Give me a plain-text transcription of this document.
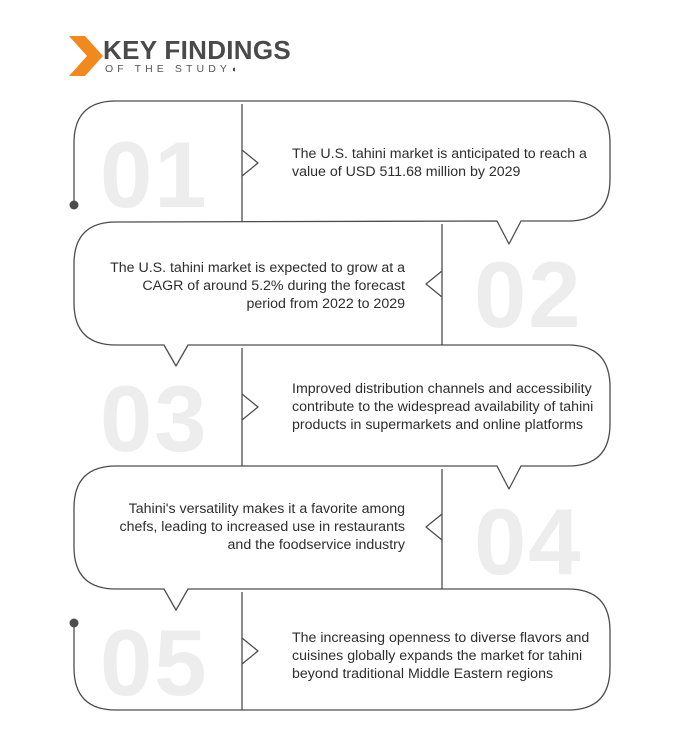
KEY FINDINGS
OF THE STUDY◖
01	The U.S. tahini market is anticipated to reach a value of USD 511.68 million by 2029
02
The U.S. tahini market is expected to grow at a CAGR of around 5.2% during the forecast period from 2022 to 2029
03	Improved distribution channels and accessibility contribute to the widespread availability of tahini products in supermarkets and online platforms
04
Tahini's versatility makes it a favorite among chefs, leading to increased use in restaurants and the foodservice industry
05	The increasing openness to diverse flavors and cuisines globally expands the market for tahini beyond traditional Middle Eastern regions
